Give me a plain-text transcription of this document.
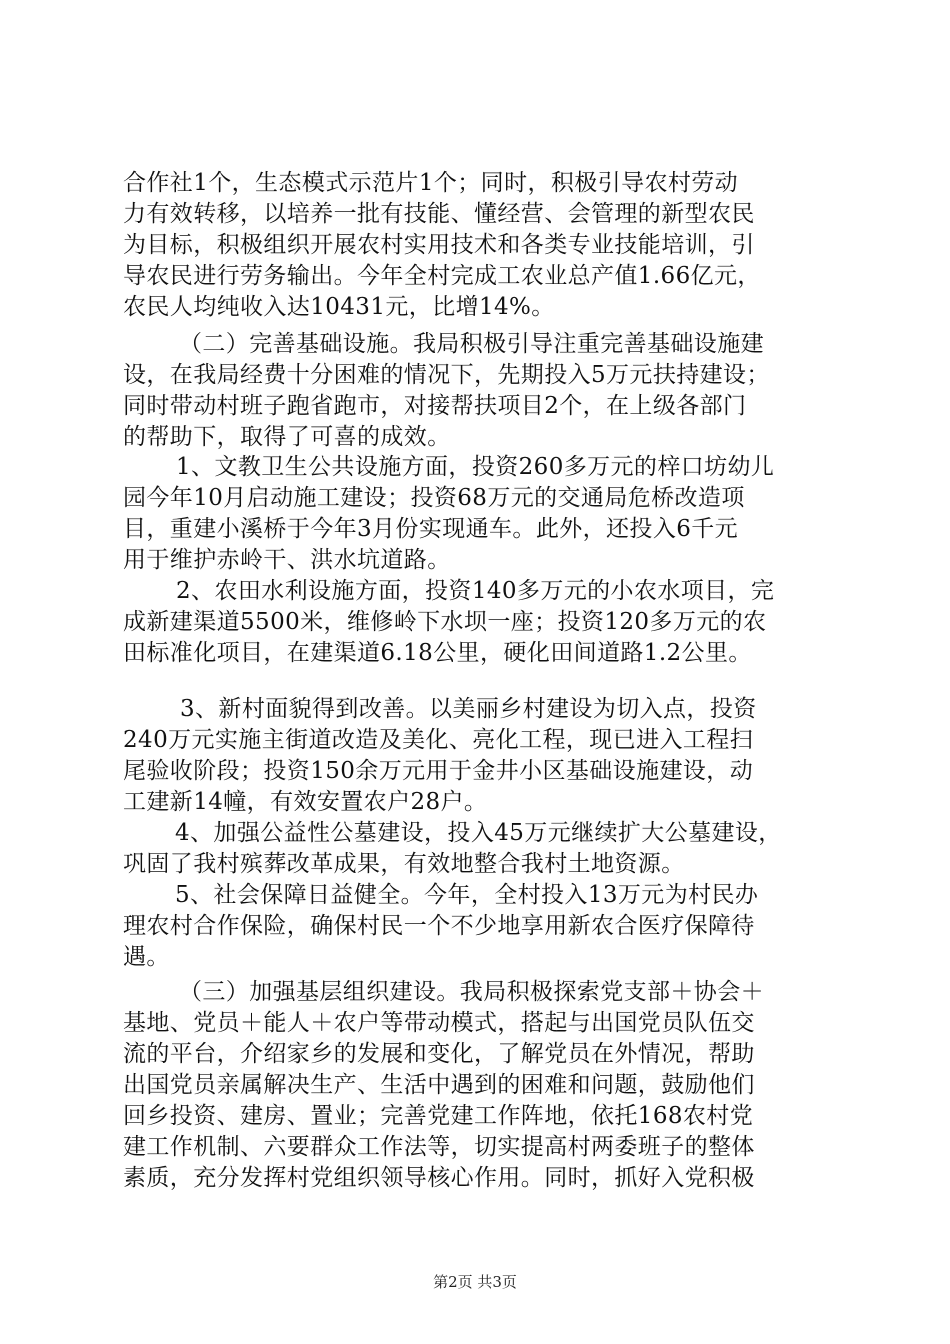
合作社1个，生态模式示范片1个；同时，积极引导农村劳动
力有效转移，以培养一批有技能、懂经营、会管理的新型农民
为目标，积极组织开展农村实用技术和各类专业技能培训，引
导农民进行劳务输出。今年全村完成工农业总产值1.66亿元，
农民人均纯收入达10431元，比增14%。
（二）完善基础设施。我局积极引导注重完善基础设施建
设，在我局经费十分困难的情况下，先期投入5万元扶持建设；
同时带动村班子跑省跑市，对接帮扶项目2个，在上级各部门
的帮助下，取得了可喜的成效。
1、文教卫生公共设施方面，投资260多万元的梓口坊幼儿
园今年10月启动施工建设；投资68万元的交通局危桥改造项
目，重建小溪桥于今年3月份实现通车。此外，还投入6千元
用于维护赤岭干、洪水坑道路。
2、农田水利设施方面，投资140多万元的小农水项目，完
成新建渠道5500米，维修岭下水坝一座；投资120多万元的农
田标准化项目，在建渠道6.18公里，硬化田间道路1.2公里。
3、新村面貌得到改善。以美丽乡村建设为切入点，投资
240万元实施主街道改造及美化、亮化工程，现已进入工程扫
尾验收阶段；投资150余万元用于金井小区基础设施建设，动
工建新14幢，有效安置农户28户。
4、加强公益性公墓建设，投入45万元继续扩大公墓建设，
巩固了我村殡葬改革成果，有效地整合我村土地资源。
5、社会保障日益健全。今年，全村投入13万元为村民办
理农村合作保险，确保村民一个不少地享用新农合医疗保障待
遇。
（三）加强基层组织建设。我局积极探索党支部＋协会＋
基地、党员＋能人＋农户等带动模式，搭起与出国党员队伍交
流的平台，介绍家乡的发展和变化，了解党员在外情况，帮助
出国党员亲属解决生产、生活中遇到的困难和问题，鼓励他们
回乡投资、建房、置业；完善党建工作阵地，依托168农村党
建工作机制、六要群众工作法等，切实提高村两委班子的整体
素质，充分发挥村党组织领导核心作用。同时，抓好入党积极
第2页 共3页
